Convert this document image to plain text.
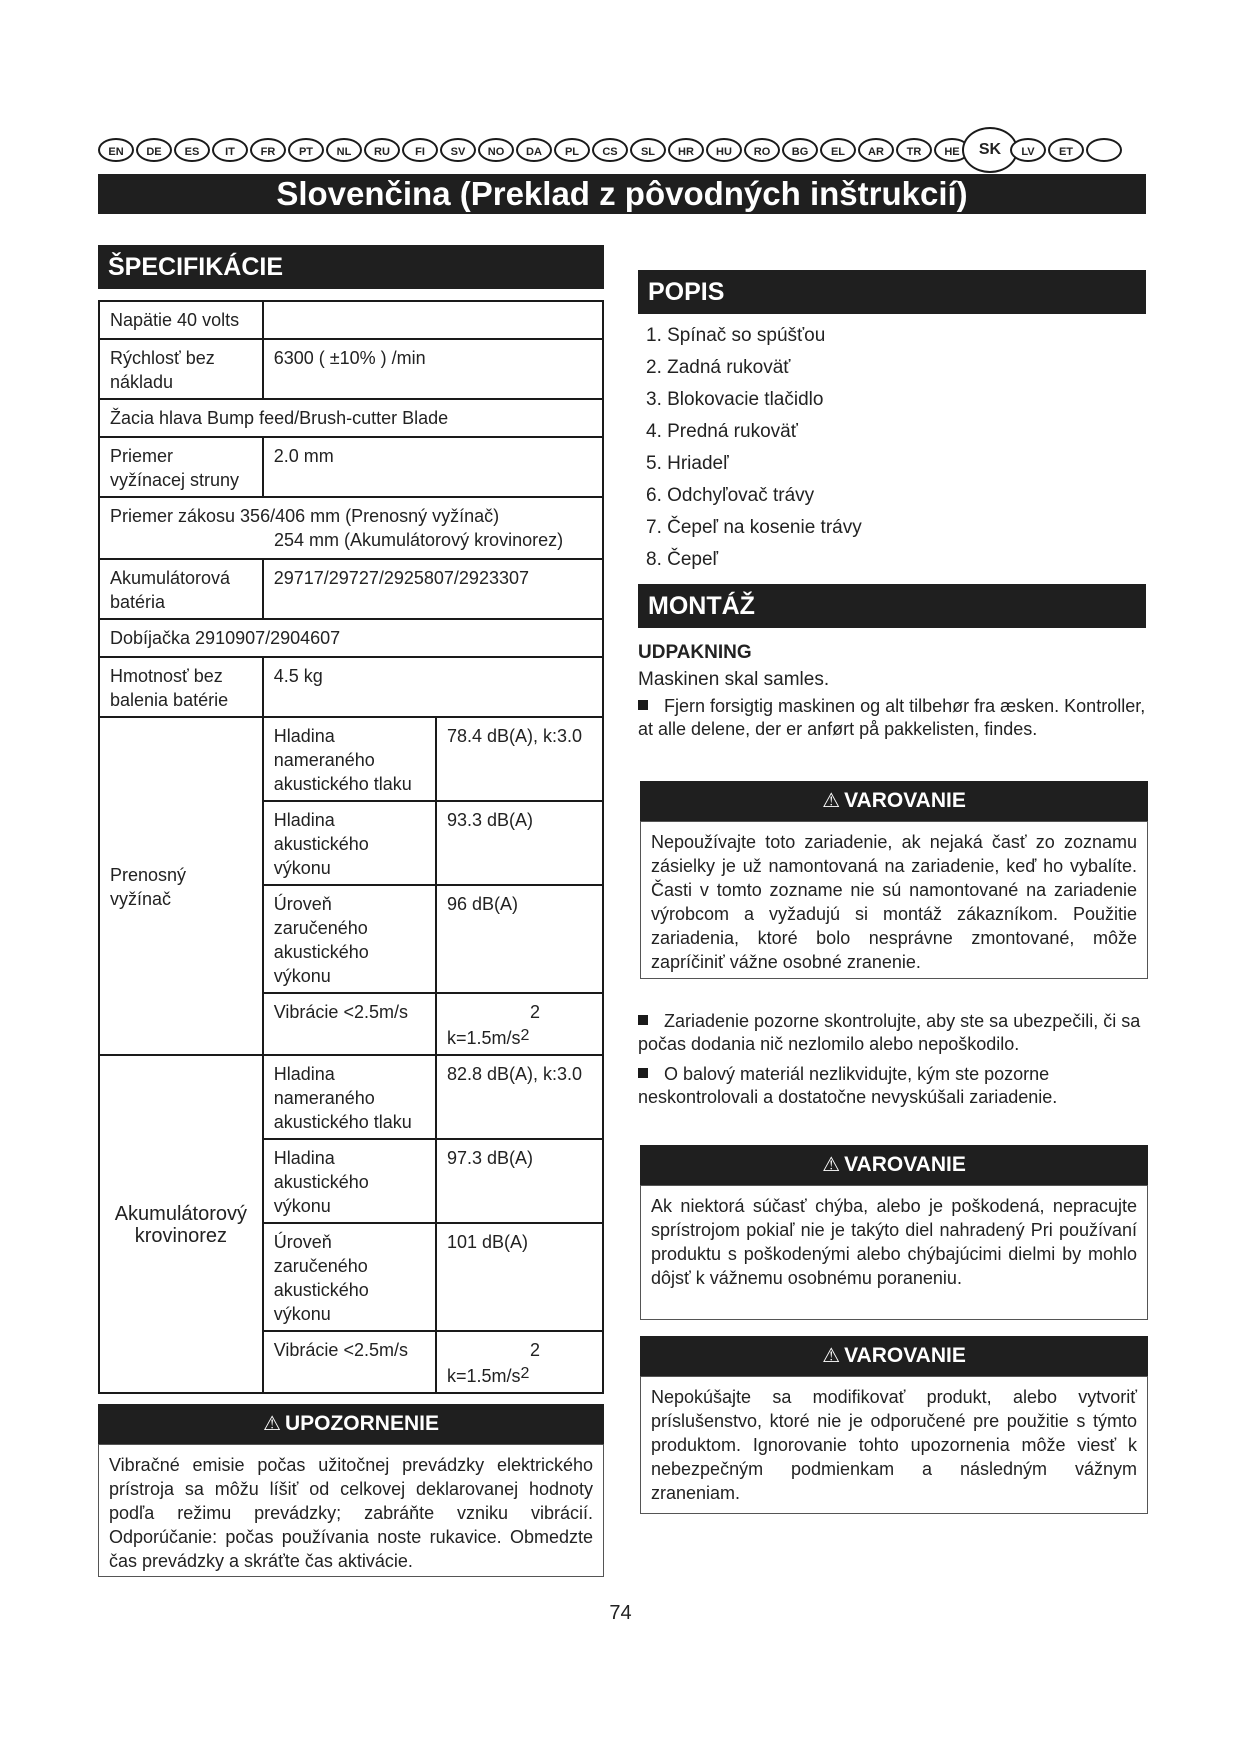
EN	DE	ES	IT	FR	PT	NL	RU	FI	SV	NO	DA	PL	CS	SL	HR	HU	RO	BG	EL	AR	TR	HE	SK	LV	ET
Slovenčina (Preklad z pôvodných inštrukcií)
ŠPECIFIKÁCIE
Napätie 40 volts		
Rýchlosť bez nákladu	6300 ( ±10% ) /min	
Žacia hlava Bump feed/Brush-cutter Blade		
Priemer vyžínacej struny	2.0 mm	

Priemer zákosu 356/406 mm (Prenosný vyžínač)
254 mm (Akumulátorový krovinorez)		

Akumulátorová batéria	29717/29727/2925807/2923307	
Dobíjačka 2910907/2904607		
Hmotnosť bez balenia batérie	4.5 kg	
Prenosný vyžínač	Hladina nameraného akustického tlaku	78.4 dB(A), k:3.0
	Hladina akustického výkonu	93.3 dB(A)
	Úroveň zaručeného akustického výkonu	96 dB(A)
	Vibrácie <2.5m/s	2
k=1.5m/s2

Akumulátorový krovinorez	Hladina nameraného akustického tlaku	82.8 dB(A), k:3.0
	Hladina akustického výkonu	97.3 dB(A)
	Úroveň zaručeného akustického výkonu	101 dB(A)
	Vibrácie <2.5m/s	2
k=1.5m/s2
⚠ UPOZORNENIE
Vibračné emisie počas užitočnej prevádzky elektrického prístroja sa môžu líšiť od celkovej deklarovanej hodnoty podľa režimu prevádzky; zabráňte vzniku vibrácií. Odporúčanie: počas používania noste rukavice. Obmedzte čas prevádzky a skráťte čas aktivácie.
POPIS
1. Spínač so spúšťou
2. Zadná rukoväť
3. Blokovacie tlačidlo
4. Predná rukoväť
5. Hriadeľ
6. Odchyľovač trávy
7. Čepeľ na kosenie trávy
8. Čepeľ
MONTÁŽ
UDPAKNING
Maskinen skal samles.
Fjern forsigtig maskinen og alt tilbehør fra æsken. Kontroller, at alle delene, der er anført på pakkelisten, findes.
⚠ VAROVANIE
Nepoužívajte toto zariadenie, ak nejaká časť zo zoznamu zásielky je už namontovaná na zariadenie, keď ho vybalíte. Časti v tomto zozname nie sú namontované na zariadenie výrobcom a vyžadujú si montáž zákazníkom. Použitie zariadenia, ktoré bolo nesprávne zmontované, môže zapríčiniť vážne osobné zranenie.
Zariadenie pozorne skontrolujte, aby ste sa ubezpečili, či sa počas dodania nič nezlomilo alebo nepoškodilo.
O balový materiál nezlikvidujte, kým ste pozorne neskontrolovali a dostatočne nevyskúšali zariadenie.
⚠ VAROVANIE
Ak niektorá súčasť chýba, alebo je poškodená, nepracujte sprístrojom pokiaľ nie je takýto diel nahradený Pri používaní produktu s poškodenými alebo chýbajúcimi dielmi by mohlo dôjsť k vážnemu osobnému poraneniu.
⚠ VAROVANIE
Nepokúšajte sa modifikovať produkt, alebo vytvoriť príslušenstvo, ktoré nie je odporučené pre použitie s týmto produktom. Ignorovanie tohto upozornenia môže viesť k nebezpečným podmienkam a následným vážnym zraneniam.
74
